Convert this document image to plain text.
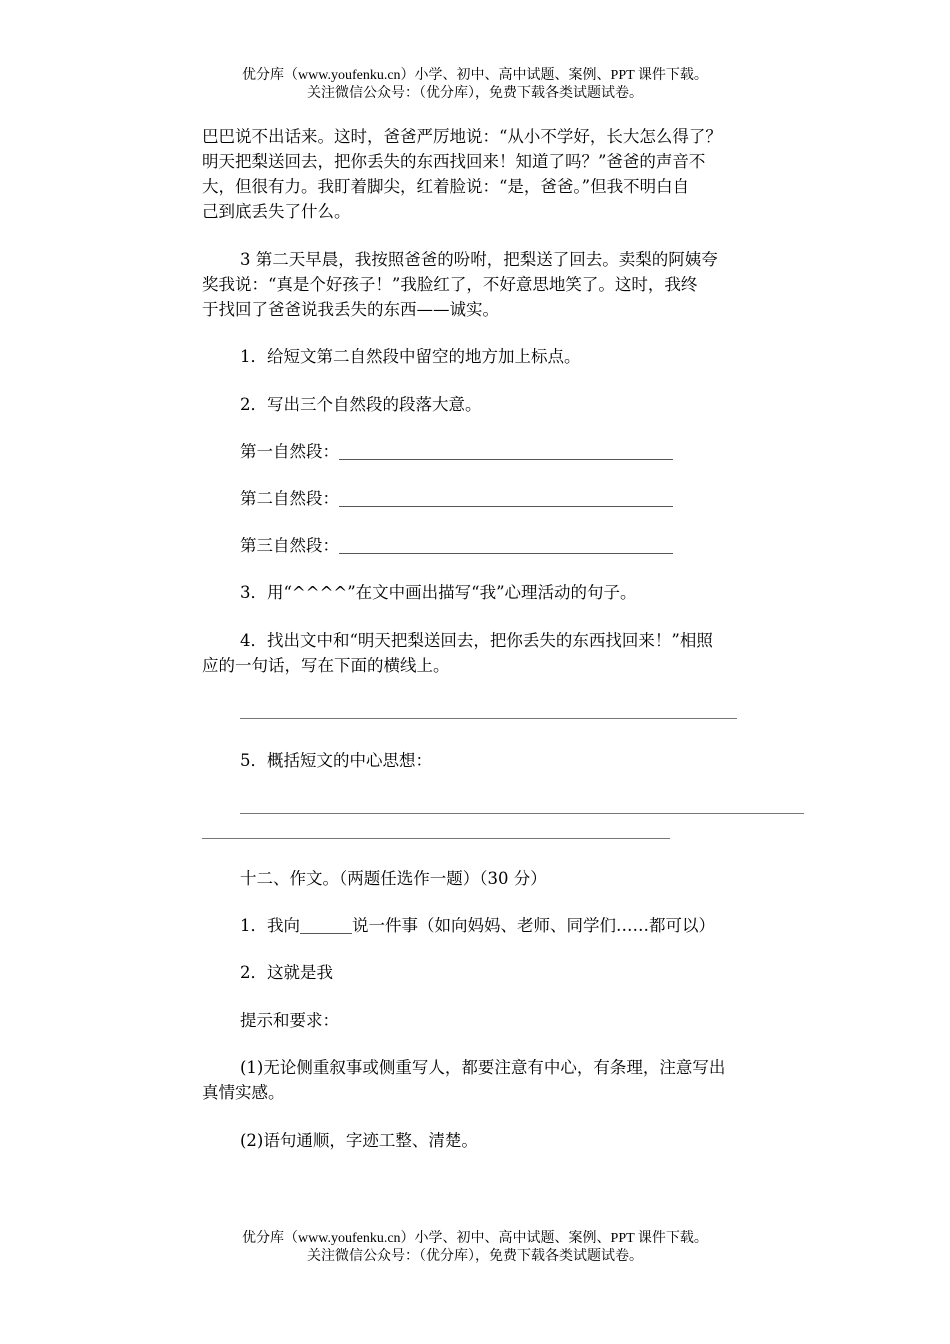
优分库（www.youfenku.cn）小学、初中、高中试题、案例、PPT 课件下载。
关注微信公众号：（优分库），免费下载各类试题试卷。
巴巴说不出话来。这时，爸爸严厉地说：“从小不学好，长大怎么得了？
明天把梨送回去，把你丢失的东西找回来！知道了吗？”爸爸的声音不
大，但很有力。我盯着脚尖，红着脸说：“是，爸爸。”但我不明白自
己到底丢失了什么。
3 第二天早晨，我按照爸爸的吩咐，把梨送了回去。卖梨的阿姨夸
奖我说：“真是个好孩子！”我脸红了，不好意思地笑了。这时，我终
于找回了爸爸说我丢失的东西——诚实。
1．给短文第二自然段中留空的地方加上标点。
2．写出三个自然段的段落大意。
第一自然段：
第二自然段：
第三自然段：
3．用“^^^^”在文中画出描写“我”心理活动的句子。
4．找出文中和“明天把梨送回去，把你丢失的东西找回来！”相照
应的一句话，写在下面的横线上。
5．概括短文的中心思想：
十二、作文。（两题任选作一题）（30 分）
1．我向	说一件事（如向妈妈、老师、同学们……都可以）
2．这就是我
提示和要求：
(1)无论侧重叙事或侧重写人，都要注意有中心，有条理，注意写出
真情实感。
(2)语句通顺，字迹工整、清楚。
优分库（www.youfenku.cn）小学、初中、高中试题、案例、PPT 课件下载。
关注微信公众号：（优分库），免费下载各类试题试卷。
